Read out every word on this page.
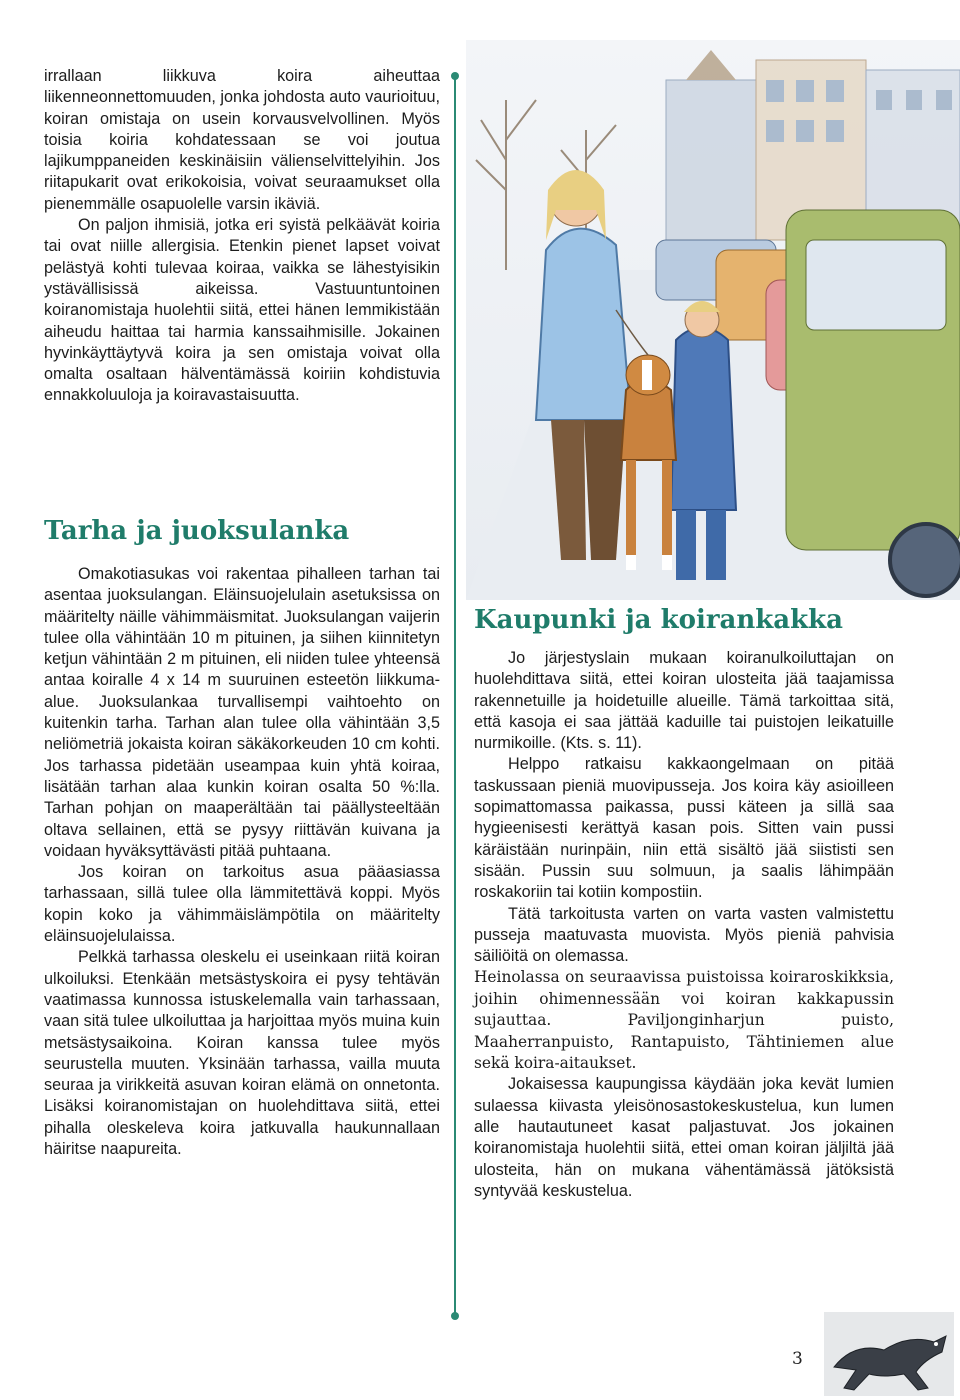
irrallaan liikkuva koira aiheuttaa liikenneonnettomuuden, jonka johdosta auto vaurioituu, koiran omistaja on usein korvausvelvollinen. Myös toisia koiria kohdatessaan se voi joutua lajikumppaneiden keskinäisiin välienselvittelyihin. Jos riitapukarit ovat erikokoisia, voivat seuraamukset olla pienemmälle osapuolelle varsin ikäviä.

On paljon ihmisiä, jotka eri syistä pelkäävät koiria tai ovat niille allergisia. Etenkin pienet lapset voivat pelästyä kohti tulevaa koiraa, vaikka se lähestyisikin ystävällisissä aikeissa. Vastuuntuntoinen koiranomistaja huolehtii siitä, ettei hänen lemmikistään aiheudu haittaa tai harmia kanssaihmisille. Jokainen hyvinkäyttäytyvä koira ja sen omistaja voivat olla omalta osaltaan hälventämässä koiriin kohdistuvia ennakkoluuloja ja koiravastaisuutta.

Tarha ja juoksulanka

Omakotiasukas voi rakentaa pihalleen tarhan tai asentaa juoksulangan. Eläinsuojelulain asetuksissa on määritelty näille vähimmäismitat. Juoksulangan vaijerin tulee olla vähintään 10 m pituinen, ja siihen kiinnitetyn ketjun vähintään 2 m pituinen, eli niiden tulee yhteensä antaa koiralle 4 x 14 m suuruinen esteetön liikkuma-alue. Juoksulankaa turvallisempi vaihtoehto on kuitenkin tarha. Tarhan alan tulee olla vähintään 3,5 neliömetriä jokaista koiran säkäkorkeuden 10 cm kohti. Jos tarhassa pidetään useampaa kuin yhtä koiraa, lisätään tarhan alaa kunkin koiran osalta 50 %:lla. Tarhan pohjan on maaperältään tai päällysteeltään oltava sellainen, että se pysyy riittävän kuivana ja voidaan hyväksyttävästi pitää puhtaana.

Jos koiran on tarkoitus asua pääasiassa tarhassaan, sillä tulee olla lämmitettävä koppi. Myös kopin koko ja vähimmäislämpötila on määritelty eläinsuojelulaissa.

Pelkkä tarhassa oleskelu ei useinkaan riitä koiran ulkoiluksi. Etenkään metsästyskoira ei pysy tehtävän vaatimassa kunnossa istuskelemalla vain tarhassaan, vaan sitä tulee ulkoiluttaa ja harjoittaa myös muina kuin metsästysaikoina. Koiran kanssa tulee myös seurustella muuten. Yksinään tarhassa, vailla muuta seuraa ja virikkeitä asuvan koiran elämä on onnetonta. Lisäksi koiranomistajan on huolehdittava siitä, ettei pihalla oleskeleva koira jatkuvalla haukunnallaan häiritse naapureita.

Kaupunki ja koirankakka

Jo järjestyslain mukaan koiranulkoiluttajan on huolehdittava siitä, ettei koiran ulosteita jää taajamissa rakennetuille ja hoidetuille alueille. Tämä tarkoittaa sitä, että kasoja ei saa jättää kaduille tai puistojen leikatuille nurmikoille. (Kts. s. 11).

Helppo ratkaisu kakkaongelmaan on pitää taskussaan pieniä muovipusseja. Jos koira käy asioilleen sopimattomassa paikassa, pussi käteen ja sillä saa hygieenisesti kerättyä kasan pois. Sitten vain pussi käräistään nurinpäin, niin että sisältö jää siististi sen sisään. Pussin suu solmuun, ja saalis lähimpään roskakoriin tai kotiin kompostiin.

Tätä tarkoitusta varten on varta vasten valmistettu pusseja maatuvasta muovista. Myös pieniä pahvisia säiliöitä on olemassa.

Heinolassa on seuraavissa puistoissa koiraroskikksia, joihin ohimennessään voi koiran kakkapussin sujauttaa. Paviljonginharjun puisto, Maaherranpuisto, Rantapuisto, Tähtiniemen alue sekä koira-aitaukset.

Jokaisessa kaupungissa käydään joka kevät lumien sulaessa kiivasta yleisönosastokeskustelua, kun lumen alle hautautuneet kasat paljastuvat. Jos jokainen koiranomistaja huolehtii siitä, ettei oman koiran jäljiltä jää ulosteita, hän on mukana vähentämässä jätöksistä syntyvää keskustelua.

3
